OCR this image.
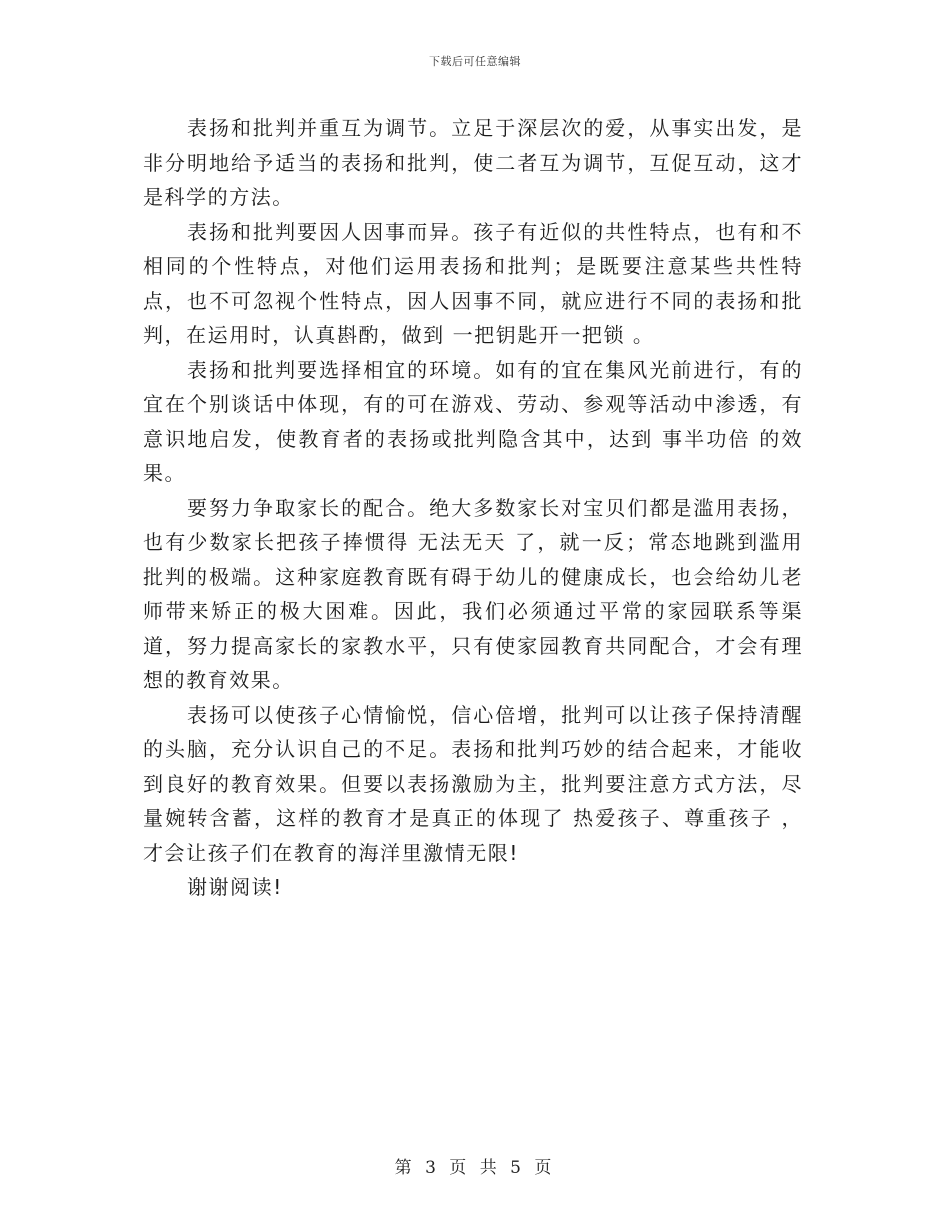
下载后可任意编辑

表扬和批判并重互为调节。立足于深层次的爱，从事实出发，是非分明地给予适当的表扬和批判，使二者互为调节，互促互动，这才是科学的方法。

表扬和批判要因人因事而异。孩子有近似的共性特点，也有和不相同的个性特点，对他们运用表扬和批判；是既要注意某些共性特点，也不可忽视个性特点，因人因事不同，就应进行不同的表扬和批判，在运用时，认真斟酌，做到 一把钥匙开一把锁 。

表扬和批判要选择相宜的环境。如有的宜在集风光前进行，有的宜在个别谈话中体现，有的可在游戏、劳动、参观等活动中渗透，有意识地启发，使教育者的表扬或批判隐含其中，达到 事半功倍 的效果。

要努力争取家长的配合。绝大多数家长对宝贝们都是滥用表扬，也有少数家长把孩子捧惯得 无法无天 了，就一反；常态地跳到滥用批判的极端。这种家庭教育既有碍于幼儿的健康成长，也会给幼儿老师带来矫正的极大困难。因此，我们必须通过平常的家园联系等渠道，努力提高家长的家教水平，只有使家园教育共同配合，才会有理想的教育效果。

表扬可以使孩子心情愉悦，信心倍增，批判可以让孩子保持清醒的头脑，充分认识自己的不足。表扬和批判巧妙的结合起来，才能收到良好的教育效果。但要以表扬激励为主，批判要注意方式方法，尽量婉转含蓄，这样的教育才是真正的体现了 热爱孩子、尊重孩子 ，才会让孩子们在教育的海洋里激情无限!

谢谢阅读!

第 3 页 共 5 页
